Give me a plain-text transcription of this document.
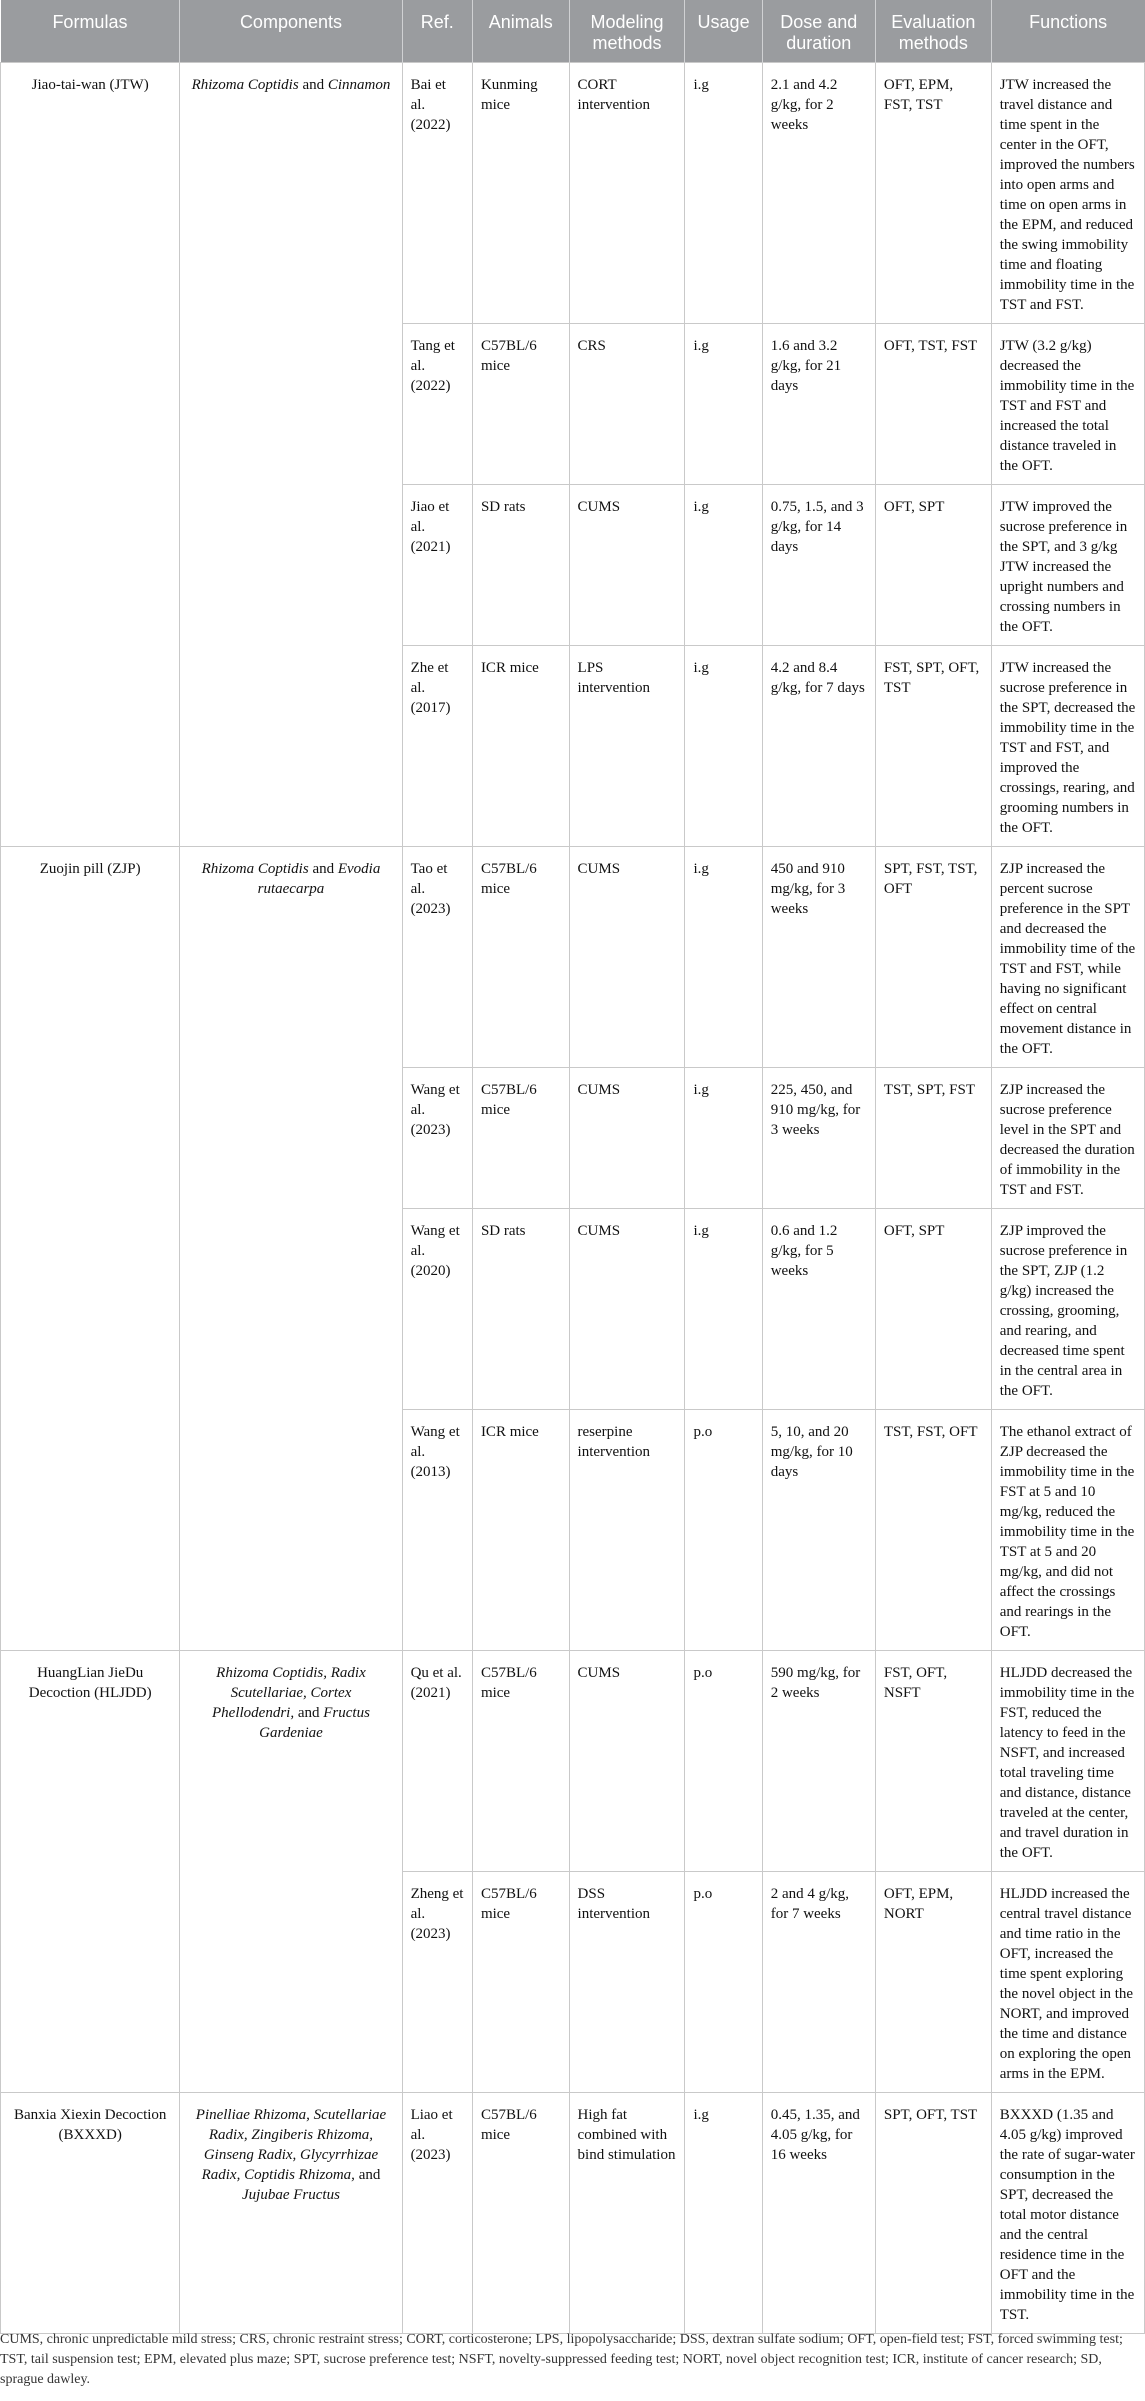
Formulas	Components	Ref.	Animals	Modeling methods	Usage	Dose and duration	Evaluation methods	Functions
Jiao-tai-wan (JTW)	Rhizoma Coptidis and Cinnamon	Bai et al. (2022)	Kunming mice	CORT intervention	i.g	2.1 and 4.2 g/kg, for 2 weeks	OFT, EPM, FST, TST	JTW increased the travel distance and time spent in the center in the OFT, improved the numbers into open arms and time on open arms in the EPM, and reduced the swing immobility time and floating immobility time in the TST and FST.
		Tang et al. (2022)	C57BL/6 mice	CRS	i.g	1.6 and 3.2 g/kg, for 21 days	OFT, TST, FST	JTW (3.2 g/kg) decreased the immobility time in the TST and FST and increased the total distance traveled in the OFT.
		Jiao et al. (2021)	SD rats	CUMS	i.g	0.75, 1.5, and 3 g/kg, for 14 days	OFT, SPT	JTW improved the sucrose preference in the SPT, and 3 g/kg JTW increased the upright numbers and crossing numbers in the OFT.
		Zhe et al. (2017)	ICR mice	LPS intervention	i.g	4.2 and 8.4 g/kg, for 7 days	FST, SPT, OFT, TST	JTW increased the sucrose preference in the SPT, decreased the immobility time in the TST and FST, and improved the crossings, rearing, and grooming numbers in the OFT.
Zuojin pill (ZJP)	Rhizoma Coptidis and Evodia rutaecarpa	Tao et al. (2023)	C57BL/6 mice	CUMS	i.g	450 and 910 mg/kg, for 3 weeks	SPT, FST, TST, OFT	ZJP increased the percent sucrose preference in the SPT and decreased the immobility time of the TST and FST, while having no significant effect on central movement distance in the OFT.
		Wang et al. (2023)	C57BL/6 mice	CUMS	i.g	225, 450, and 910 mg/kg, for 3 weeks	TST, SPT, FST	ZJP increased the sucrose preference level in the SPT and decreased the duration of immobility in the TST and FST.
		Wang et al. (2020)	SD rats	CUMS	i.g	0.6 and 1.2 g/kg, for 5 weeks	OFT, SPT	ZJP improved the sucrose preference in the SPT, ZJP (1.2 g/kg) increased the crossing, grooming, and rearing, and decreased time spent in the central area in the OFT.
		Wang et al. (2013)	ICR mice	reserpine intervention	p.o	5, 10, and 20 mg/kg, for 10 days	TST, FST, OFT	The ethanol extract of ZJP decreased the immobility time in the FST at 5 and 10 mg/kg, reduced the immobility time in the TST at 5 and 20 mg/kg, and did not affect the crossings and rearings in the OFT.
HuangLian JieDu Decoction (HLJDD)	Rhizoma Coptidis, Radix Scutellariae, Cortex Phellodendri, and Fructus Gardeniae	Qu et al. (2021)	C57BL/6 mice	CUMS	p.o	590 mg/kg, for 2 weeks	FST, OFT, NSFT	HLJDD decreased the immobility time in the FST, reduced the latency to feed in the NSFT, and increased total traveling time and distance, distance traveled at the center, and travel duration in the OFT.
		Zheng et al. (2023)	C57BL/6 mice	DSS intervention	p.o	2 and 4 g/kg, for 7 weeks	OFT, EPM, NORT	HLJDD increased the central travel distance and time ratio in the OFT, increased the time spent exploring the novel object in the NORT, and improved the time and distance on exploring the open arms in the EPM.
Banxia Xiexin Decoction (BXXXD)	Pinelliae Rhizoma, Scutellariae Radix, Zingiberis Rhizoma, Ginseng Radix, Glycyrrhizae Radix, Coptidis Rhizoma, and Jujubae Fructus	Liao et al. (2023)	C57BL/6 mice	High fat combined with bind stimulation	i.g	0.45, 1.35, and 4.05 g/kg, for 16 weeks	SPT, OFT, TST	BXXXD (1.35 and 4.05 g/kg) improved the rate of sugar-water consumption in the SPT, decreased the total motor distance and the central residence time in the OFT and the immobility time in the TST.
CUMS, chronic unpredictable mild stress; CRS, chronic restraint stress; CORT, corticosterone; LPS, lipopolysaccharide; DSS, dextran sulfate sodium; OFT, open-field test; FST, forced swimming test; TST, tail suspension test; EPM, elevated plus maze; SPT, sucrose preference test; NSFT, novelty-suppressed feeding test; NORT, novel object recognition test; ICR, institute of cancer research; SD, sprague dawley.
